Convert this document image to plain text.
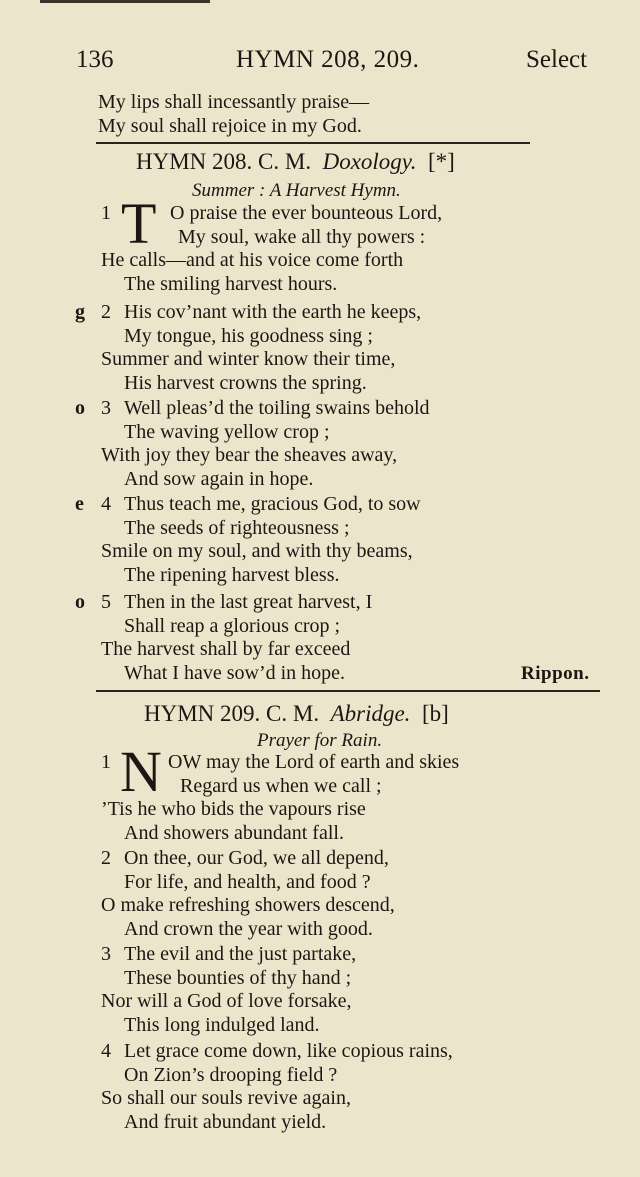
136	HYMN 208, 209.	Select
My lips shall incessantly praise—
My soul shall rejoice in my God.
HYMN 208. C. M. Doxology. [*]
Summer : A Harvest Hymn.
1	O praise the ever bounteous Lord,
My soul, wake all thy powers :
He calls—and at his voice come forth
The smiling harvest hours.
g 2 His cov’nant with the earth he keeps,
My tongue, his goodness sing ;
Summer and winter know their time,
His harvest crowns the spring.
o 3 Well pleas’d the toiling swains behold
The waving yellow crop ;
With joy they bear the sheaves away,
And sow again in hope.
e 4 Thus teach me, gracious God, to sow
The seeds of righteousness ;
Smile on my soul, and with thy beams,
The ripening harvest bless.
o 5 Then in the last great harvest, I
Shall reap a glorious crop ;
The harvest shall by far exceed
What I have sow’d in hope.
T
Rippon.
HYMN 209. C. M. Abridge. [b]
Prayer for Rain.
1	OW may the Lord of earth and skies
Regard us when we call ;
’Tis he who bids the vapours rise
And showers abundant fall.
2 On thee, our God, we all depend,
For life, and health, and food ?
O make refreshing showers descend,
And crown the year with good.
3 The evil and the just partake,
These bounties of thy hand ;
Nor will a God of love forsake,
This long indulged land.
4 Let grace come down, like copious rains,
On Zion’s drooping field ?
So shall our souls revive again,
And fruit abundant yield.
N
